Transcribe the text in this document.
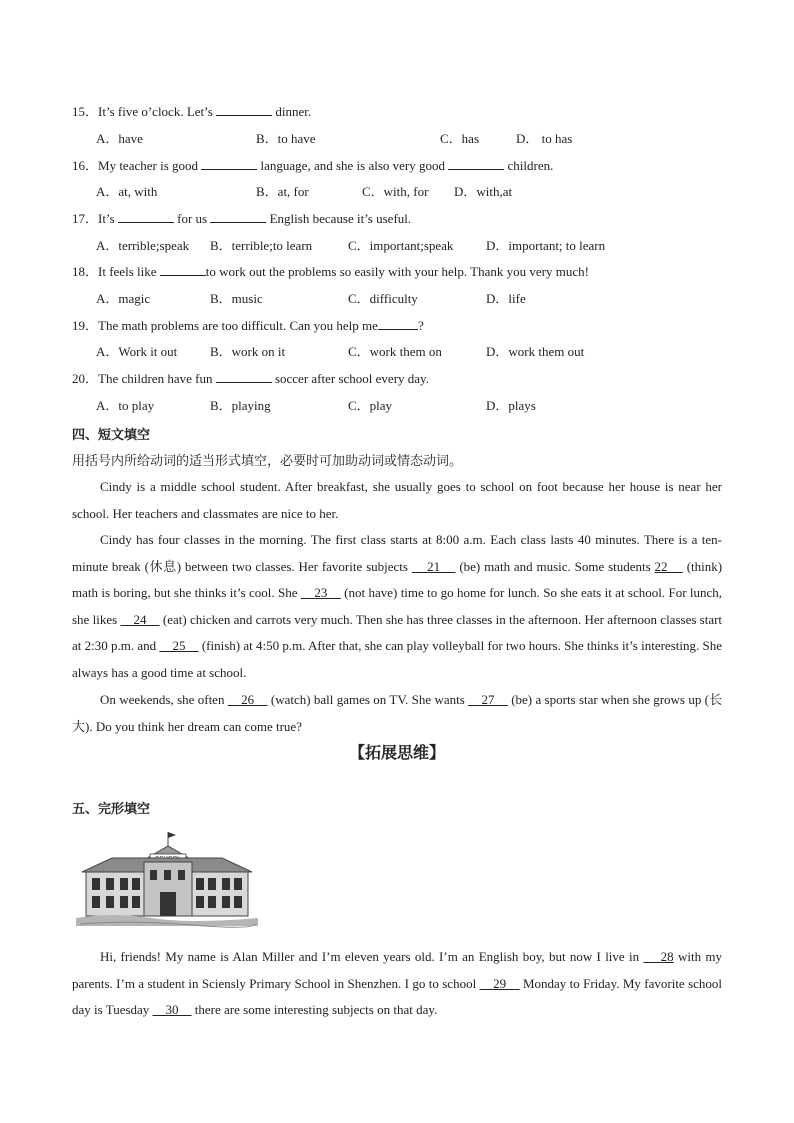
15．It’s five o’clock. Let’s	dinner.
A．have	B．to have	C．has	D． to has
16．My teacher is good	language, and she is also very good	children.
A．at, with	B．at, for	C．with, for D．with,at
17．It’s	for us	English because it’s useful.
A．terrible;speak B．terrible;to learn	C．important;speak	D．important; to learn
18．It feels like	to work out the problems so easily with your help. Thank you very much!
A．magic	B．music	C．difficulty	D．life
19．The math problems are too difficult. Can you help me	?
A．Work it out	B．work on it	C．work them on	D．work them out
20．The children have fun	soccer after school every day.
A．to play	B．playing	C．play	D．plays
四、短文填空
用括号内所给动词的适当形式填空，必要时可加助动词或情态动词。
Cindy is a middle school student. After breakfast, she usually goes to school on foot because her house is near her school. Her teachers and classmates are nice to her.
Cindy has four classes in the morning. The first class starts at 8:00 a.m. Each class lasts 40 minutes. There is a ten-minute break (休息) between two classes. Her favorite subjects 21 (be) math and music. Some students 22 (think) math is boring, but she thinks it’s cool. She 23 (not have) time to go home for lunch. So she eats it at school. For lunch, she likes 24 (eat) chicken and carrots very much. Then she has three classes in the afternoon. Her afternoon classes start at 2:30 p.m. and 25 (finish) at 4:50 p.m. After that, she can play volleyball for two hours. She thinks it’s interesting. She always has a good time at school.
On weekends, she often 26 (watch) ball games on TV. She wants 27 (be) a sports star when she grows up (长大). Do you think her dream can come true?
【拓展思维】
五、完形填空
Hi, friends! My name is Alan Miller and I’m eleven years old. I’m an English boy, but now I live in 28 with my parents. I’m a student in Sciensly Primary School in Shenzhen. I go to school 29 Monday to Friday. My favorite school day is Tuesday 30 there are some interesting subjects on that day.
